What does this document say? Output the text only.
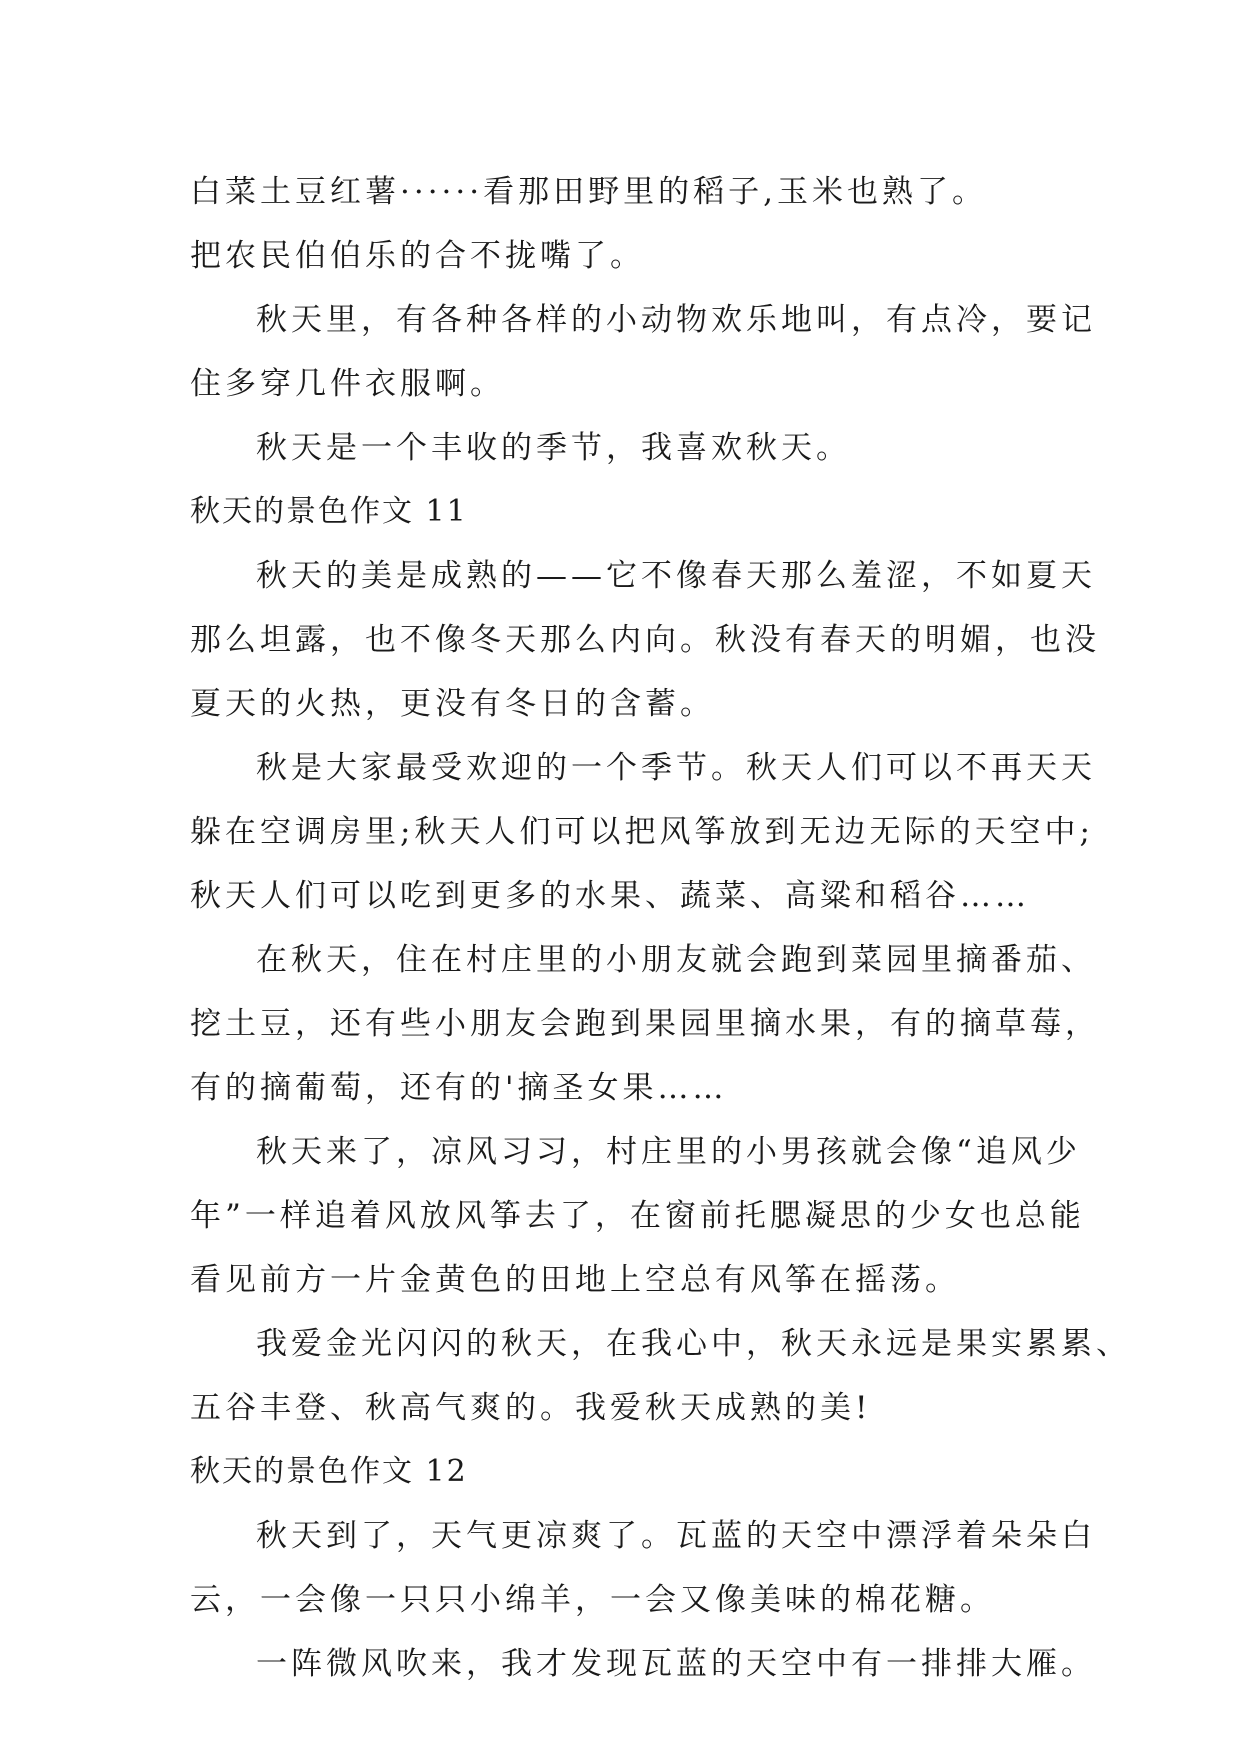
白菜土豆红薯······看那田野里的稻子,玉米也熟了。
把农民伯伯乐的合不拢嘴了。
秋天里，有各种各样的小动物欢乐地叫，有点冷，要记
住多穿几件衣服啊。
秋天是一个丰收的季节，我喜欢秋天。
秋天的景色作文 11
秋天的美是成熟的——它不像春天那么羞涩，不如夏天
那么坦露，也不像冬天那么内向。秋没有春天的明媚，也没
夏天的火热，更没有冬日的含蓄。
秋是大家最受欢迎的一个季节。秋天人们可以不再天天
躲在空调房里;秋天人们可以把风筝放到无边无际的天空中;
秋天人们可以吃到更多的水果、蔬菜、高粱和稻谷……
在秋天，住在村庄里的小朋友就会跑到菜园里摘番茄、
挖土豆，还有些小朋友会跑到果园里摘水果，有的摘草莓，
有的摘葡萄，还有的'摘圣女果……
秋天来了，凉风习习，村庄里的小男孩就会像“追风少
年”一样追着风放风筝去了，在窗前托腮凝思的少女也总能
看见前方一片金黄色的田地上空总有风筝在摇荡。
我爱金光闪闪的秋天，在我心中，秋天永远是果实累累、
五谷丰登、秋高气爽的。我爱秋天成熟的美!
秋天的景色作文 12
秋天到了，天气更凉爽了。瓦蓝的天空中漂浮着朵朵白
云，一会像一只只小绵羊，一会又像美味的棉花糖。
一阵微风吹来，我才发现瓦蓝的天空中有一排排大雁。
